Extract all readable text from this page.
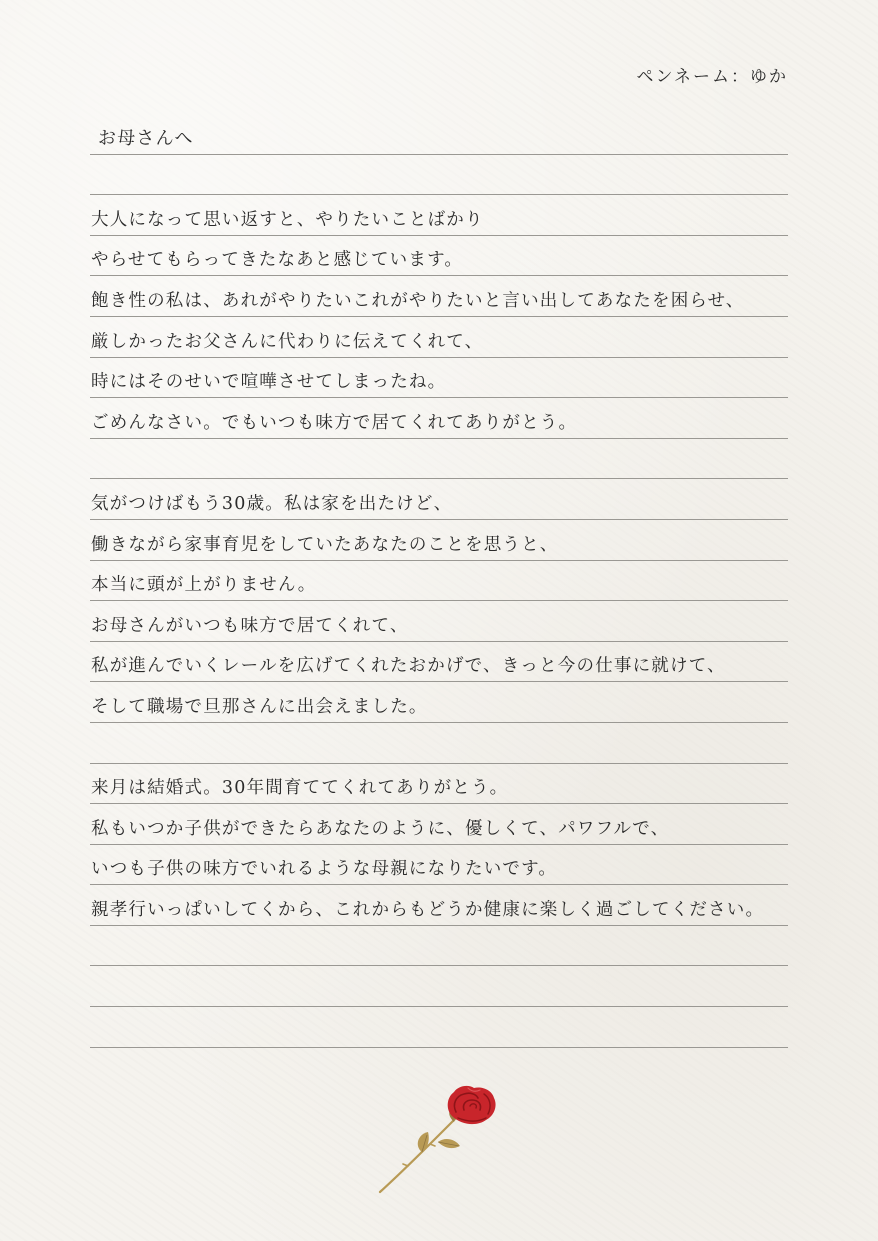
ペンネーム：ゆか
お母さんへ
大人になって思い返すと、やりたいことばかり
やらせてもらってきたなあと感じています。
飽き性の私は、あれがやりたいこれがやりたいと言い出してあなたを困らせ、
厳しかったお父さんに代わりに伝えてくれて、
時にはそのせいで喧嘩させてしまったね。
ごめんなさい。でもいつも味方で居てくれてありがとう。
気がつけばもう30歳。私は家を出たけど、
働きながら家事育児をしていたあなたのことを思うと、
本当に頭が上がりません。
お母さんがいつも味方で居てくれて、
私が進んでいくレールを広げてくれたおかげで、きっと今の仕事に就けて、
そして職場で旦那さんに出会えました。
来月は結婚式。30年間育ててくれてありがとう。
私もいつか子供ができたらあなたのように、優しくて、パワフルで、
いつも子供の味方でいれるような母親になりたいです。
親孝行いっぱいしてくから、これからもどうか健康に楽しく過ごしてください。
